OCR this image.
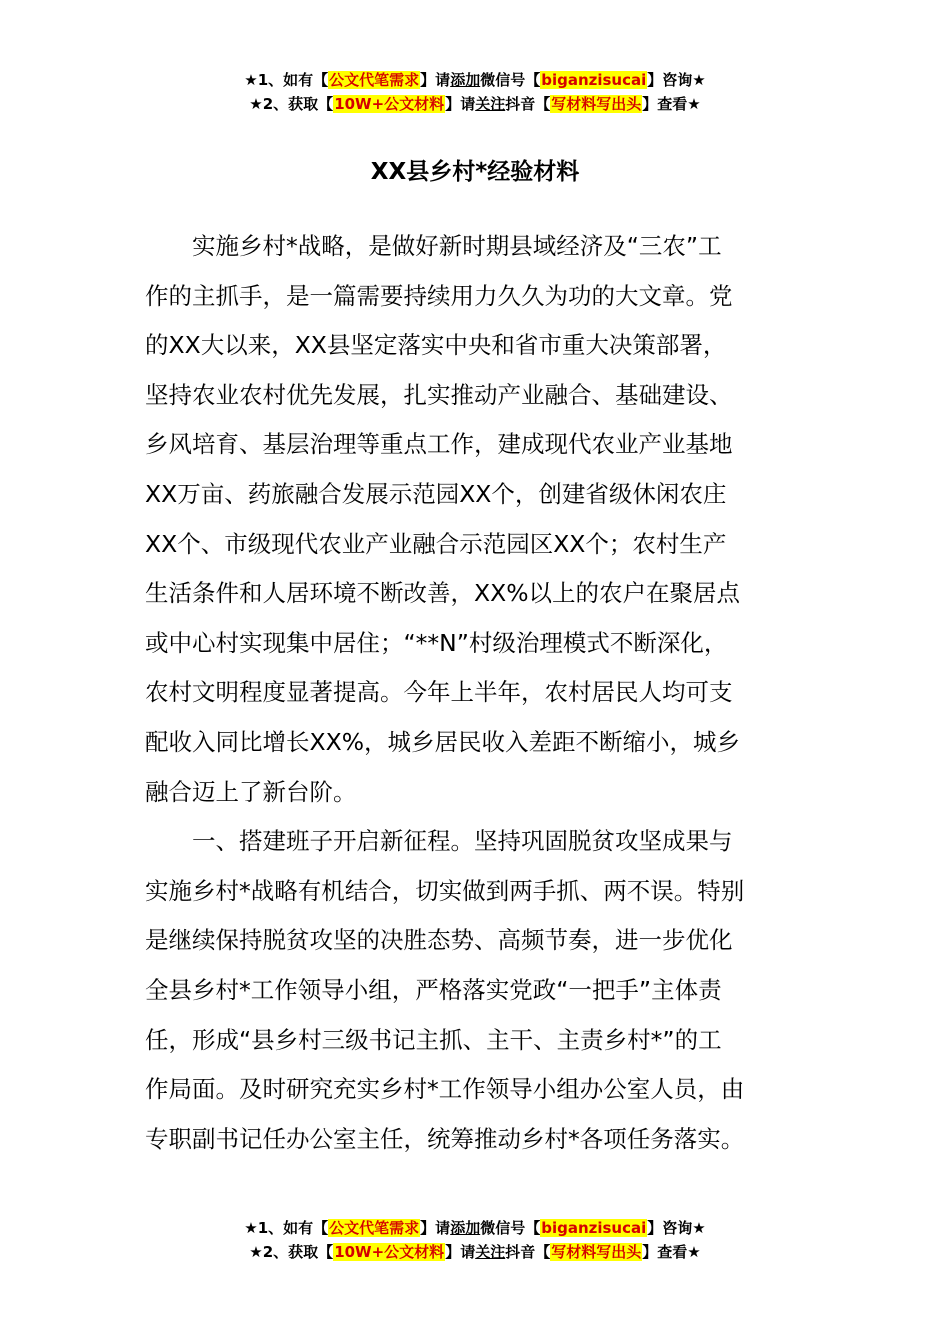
★1、如有【公文代笔需求】请添加微信号【biganzisucai】咨询★
★2、获取【10W+公文材料】请关注抖音【写材料写出头】查看★
XX县乡村*经验材料

　　实施乡村*战略，是做好新时期县域经济及“三农”工
作的主抓手，是一篇需要持续用力久久为功的大文章。党
的XX大以来，XX县坚定落实中央和省市重大决策部署，
坚持农业农村优先发展，扎实推动产业融合、基础建设、
乡风培育、基层治理等重点工作，建成现代农业产业基地
XX万亩、药旅融合发展示范园XX个，创建省级休闲农庄
XX个、市级现代农业产业融合示范园区XX个；农村生产
生活条件和人居环境不断改善，XX%以上的农户在聚居点
或中心村实现集中居住；“**N”村级治理模式不断深化，
农村文明程度显著提高。今年上半年，农村居民人均可支
配收入同比增长XX%，城乡居民收入差距不断缩小，城乡
融合迈上了新台阶。

　　一、搭建班子开启新征程。坚持巩固脱贫攻坚成果与
实施乡村*战略有机结合，切实做到两手抓、两不误。特别
是继续保持脱贫攻坚的决胜态势、高频节奏，进一步优化
全县乡村*工作领导小组，严格落实党政“一把手”主体责
任，形成“县乡村三级书记主抓、主干、主责乡村*”的工
作局面。及时研究充实乡村*工作领导小组办公室人员，由
专职副书记任办公室主任，统筹推动乡村*各项任务落实。

★1、如有【公文代笔需求】请添加微信号【biganzisucai】咨询★
★2、获取【10W+公文材料】请关注抖音【写材料写出头】查看★
